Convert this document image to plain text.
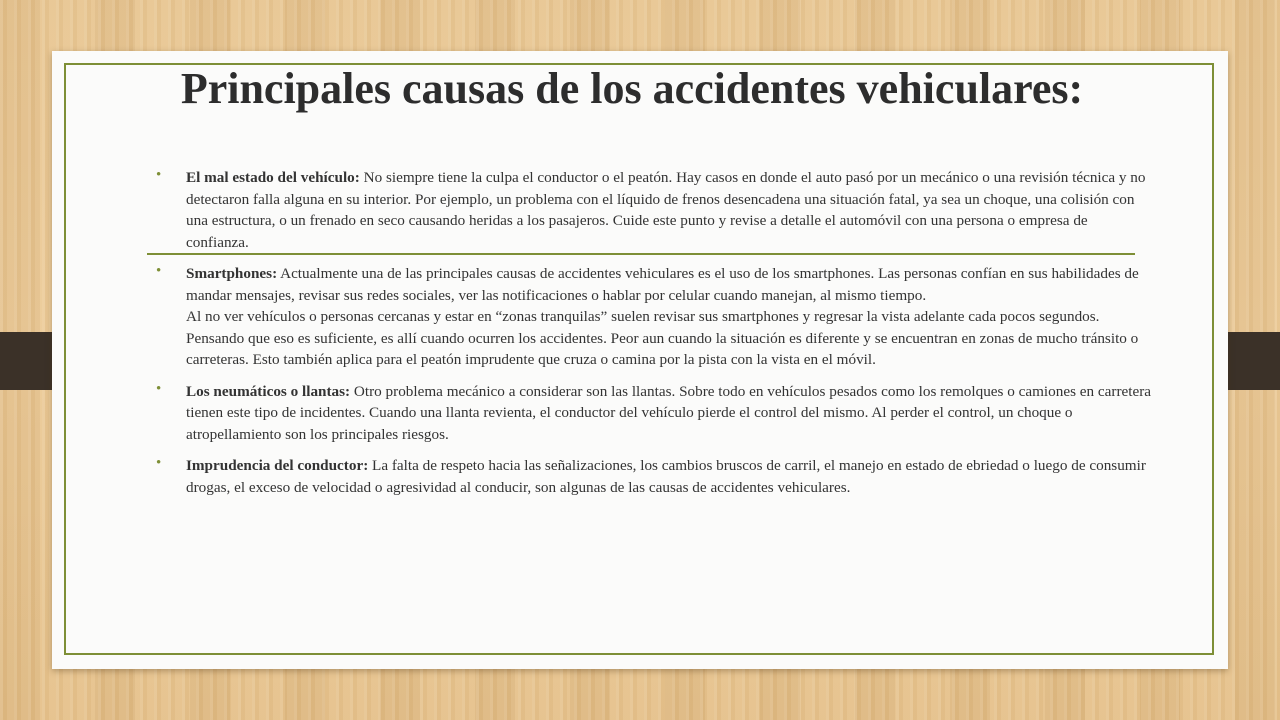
Principales causas de los accidentes vehiculares:
• El mal estado del vehículo: No siempre tiene la culpa el conductor o el peatón. Hay casos en donde el auto pasó por un mecánico o una revisión técnica y no detectaron falla alguna en su interior. Por ejemplo, un problema con el líquido de frenos desencadena una situación fatal, ya sea un choque, una colisión con una estructura, o un frenado en seco causando heridas a los pasajeros. Cuide este punto y revise a detalle el automóvil con una persona o empresa de confianza.
• Smartphones: Actualmente una de las principales causas de accidentes vehiculares es el uso de los smartphones. Las personas confían en sus habilidades de mandar mensajes, revisar sus redes sociales, ver las notificaciones o hablar por celular cuando manejan, al mismo tiempo.
Al no ver vehículos o personas cercanas y estar en “zonas tranquilas” suelen revisar sus smartphones y regresar la vista adelante cada pocos segundos. Pensando que eso es suficiente, es allí cuando ocurren los accidentes. Peor aun cuando la situación es diferente y se encuentran en zonas de mucho tránsito o carreteras. Esto también aplica para el peatón imprudente que cruza o camina por la pista con la vista en el móvil.
• Los neumáticos o llantas: Otro problema mecánico a considerar son las llantas. Sobre todo en vehículos pesados como los remolques o camiones en carretera tienen este tipo de incidentes. Cuando una llanta revienta, el conductor del vehículo pierde el control del mismo. Al perder el control, un choque o atropellamiento son los principales riesgos.
• Imprudencia del conductor: La falta de respeto hacia las señalizaciones, los cambios bruscos de carril, el manejo en estado de ebriedad o luego de consumir drogas, el exceso de velocidad o agresividad al conducir, son algunas de las causas de accidentes vehiculares.
